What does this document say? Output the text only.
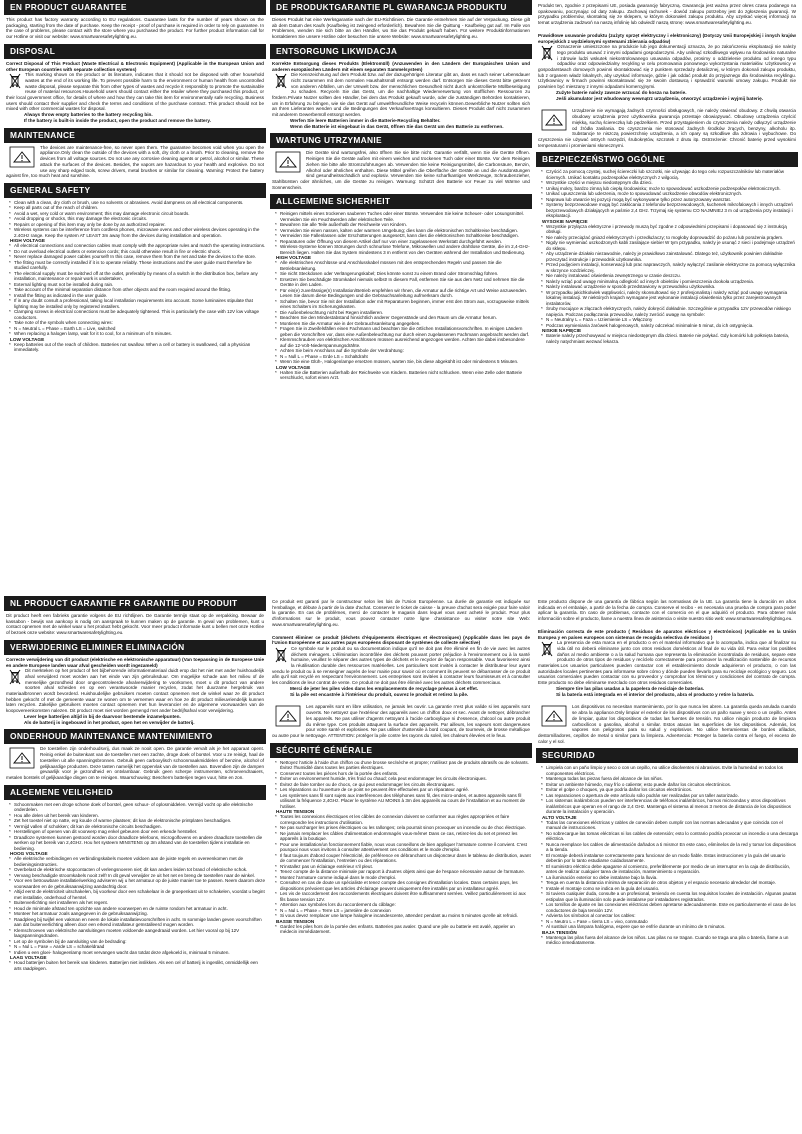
EN PRODUCT GUARANTEE
This product has factory warranty according to EU regulations. Guarantee lasts for the number of years shown on the packaging, starting from the date of purchase. Keep the receipt - proof of purchase is required in order to rely on guarantee. In the case of problems, please contact with the store where you purchased the product. For further product information call for our Hotline or visit our website: www.smartwaresafetylighting.eu.
DISPOSAL
Correct Disposal of This Product (Waste Electrical & Electronic Equipment) (Applicable in the European Union and other European countries with separate collection systems)
This marking shown on the product or its literature, indicates that it should not be disposed with other household wastes at the end of its working life. To prevent possible harm to the environment or human health from uncontrolled waste disposal, please separate this from other types of wastes and recycle it responsibly to promote the sustainable reuse of material resources.Household users should contact either the retailer where they purchased this product, or their local government office, for details of where and how they can take this item for environmentally safe recycling. Business users should contact their supplier and check the terms and conditions of the purchase contract. This product should not be mixed with other commercial wastes for disposal.
Always throw empty batteries to the battery recycling bin.
If the battery is built-in inside the product, open the product and remove the battery.
MAINTENANCE
The devices are maintenance-free, so never open them. The guarantee becomes void when you open the appliance.Only clean the outside of the devices with a soft, dry cloth or a brush. Prior to cleaning, remove the devices from all voltage sources. Do not use any corrosive cleaning agents or petrol, alcohol or similar. These attack the surfaces of the devices. Besides, the vapors are hazardous to your health and explosive. Do not use any sharp edged tools, screw drivers, metal brushes or similar for cleaning. Warning: Protect the battery against fire, too much heat and sunshine.
GENERAL SAFETY
* Clean with a clean, dry cloth or brush, use no solvents or abrasives. Avoid dampness on all electrical components.
* Keep all parts out of the reach of children.
* Avoid a wet, very cold or warm environment; this may damage electronic circuit boards.
* Avoid dropping or shocks, this may damage the electronic circuits.
* Repairs or opening of this item may only be done by an authorized repairer.
* Wireless systems can be interference from cordless phones, microwave ovens and other wireless devices operating in the 2.4GHz range. Keep the system AT LEAST 3m away from the devices during installation and operation.
HIGH VOLTAGE
* All electrical connections and connection cables must comply with the appropriate rules and match the operating instructions.
* Do not overload electrical outlets or extension cords; this could otherwise result in fire or electric shock.
* Never replace damaged power cables yourself! In this case, remove them from the net and take the devices to the store.
* The fitting must be correctly installed if it is to operate reliably. These instructions and the user guide must therefore be studied carefully.
* The electrical supply must be switched off at the outlet, preferably by means of a switch in the distribution box, before any installation, maintenance or repair work is undertaken.
* External lighting must not be installed during rain.
* Take account of the minimal separation distance from other objects and the room required around the fitting.
* Install the fitting as indicated in the user guide.
* If in any doubt consult a professional, taking local installation requirements into account. Some luminaires stipulate that lighting may be installed only by registered installers.
* Clamping screws in electrical connections must be adequately tightened. This is particularly the case with 12V low voltage conductors.
* Take note of the symbols when connecting wires:
* N = Neutral L = Phase = Earth LS = Live, switched
* When replacing a halogen lamp, wait for it to cool, for a minimum of 5 minutes.
LOW VOLTAGE
* Keep batteries out of the reach of children. Batteries not swallow. When a cell or battery is swallowed, call a physician immediately.
DE PRODUKTGARANTIE PL GWARANCJA PRODUKTU
Dieses Produkt hat eine Werksgarantie nach der EU-Richtlinien. Die Garantie entnehmen Sie auf der Verpackung. Diese gilt ab dem Datum des Kaufs (Kaufbeleg ist zwingend erforderlich). Bewahren Sie die Quittung - Kaufbeleg gut auf. Im Falle von Problemen, wenden Sie sich bitte an den Händler, wo Sie das Produkt gekauft haben. Für weitere Produktinformationen kontaktieren Sie unsere Hotline oder besuchen Sie unsere Website: www.smartwaresafetylighting.eu.
ENTSORGUNG LIKWIDACJA
Korrekte Entsorgung dieses Produkts (Elektromüll) (Anzuwenden in den Ländern der Europäischen Union und anderen europäischen Ländern mit einem separaten Sammelsystem)
Die Kennzeichnung auf dem Produkt bzw. auf der dazugehörigen Literatur gibt an, dass es nach seiner Lebensdauer nicht zusammen mit dem normalen Haushaltsmüll entsorgt werden darf. Entsorgen Sie dieses Gerät bitte getrennt von anderen Abfällen, um der Umwelt bzw. der menschlichen Gesundheit nicht durch unkontrollierte Müllbeseitigung zu schaden. Recyceln Sie das Gerät, um die nachhaltige Wiederverwertung von stofflichen Ressourcen zu fördern.Private Nutzer sollten den Händler, bei dem das Produkt gekauft wurde, oder die zuständigen Behörden kontaktieren, um in Erfahrung zu bringen, wie sie das Gerät auf umweltfreundliche Weise recyceln können.Gewerbliche Nutzer sollten sich an Ihren Lieferanten wenden und die Bedingungen des Verkaufsvertrags konsultieren. Dieses Produkt darf nicht zusammen mit anderem Gewerbemüll entsorgt werden.
Werfen Sie leere Batterien immer in die Batterie-Recycling Behälter.
Wenn die Batterie ist eingebaut in das Gerät, öffnen Sie das Gerät um den Batterie zu entfernen.
WARTUNG UTRZYMANIE
Die Geräte sind wartungsfrei, also öffnen Sie sie bitte nicht. Garantie verfällt, wenn Sie die Geräte öffnen. Reinigen Sie die Geräte außen mit einem weichen und trockenen Tuch oder einer Bürste. Vor dem Reinigen ziehen Sie bitte alle Stromzuführungen ab. Verwenden Sie keine Reinigungsmittel, die Carbonsäure, Benzin, Alkohol oder ähnliches enthalten. Diese Mittel greifen die Oberfläche der Geräte an und die Ausdünstungen sind gesundheitsschädlich und explosiv. Verwenden Sie keine scharfkantigen Werkzeuge, Schraubenzieher, Stahlbürsten oder ähnliches, um die Geräte zu reinigen. Warnung: Schützt den Batterie vor Feuer zu viel Wärme und Sonnenschein.
ALLGEMEINE SICHERHEIT
* Reinigen mittels eines trockenen sauberen Tuches oder einer Bürste. Verwenden Sie keine Scheuer- oder Lösungsmittel. Vermeiden Sie ein Feuchtwerden aller elektrischen Teile.
* Bewahren Sie alle Teile außerhalb der Reichweite von Kindern.
* Vermeiden Sie einen nassen, kalten oder warmen Umgebung; dies kann die elektronischen Schaltkreise beschädigen.
* Vermeiden Sie Fallenlassen oder Erschütterungen ausgesetzt, kann dies die elektronischen Schaltkreise beschädigen.
* Reparaturen oder Öffnung von diesem Artikel darf nur von einer zugelassenen Werkstatt durchgeführt werden.
* Wireless-Systeme können Störungen durch schnurlose Telefone, Mikrowellen und andere drahtlose Geräte, die im 2,4-GHz-Bereich liegen. Halten Sie das System mindestens 3 m entfernt von den Geräten während der Installation und Bedienung.
HIGH VOLTAGE
* Alle elektrischen Anschlüsse und Anschlusskabel müssen mit den entsprechenden Regeln und passen Sie die Betriebsanleitung.
* Sie nicht Steckdosen oder Verlängerungskabel; Dies könnte sonst zu einem Brand oder Stromschlag führen.
* Ersetzen Sie beschädigte Stromkabel niemals selbst! In diesem Fall, entfernen Sie sie aus dem Netz und nehmen Sie die Geräte in den Laden.
* Für ein(e) zuverlässige(n) Installation/Betrieb empfehlen wir Ihnen, die Armatur auf die richtige Art und Weise anzuwenden. Lesen Sie darum diese Bedingungen und die Gebrauchsanleitung aufmerksam durch.
* Schalten Sie, bevor Sie mit der Installation oder mit Reparaturen beginnen, immer erst den Strom aus, vorzugsweise mittels eines Schalters im Sicherungskasten.
* Die Außenbeleuchtung nicht bei Regen installieren.
* Beachten Sie den Mindestabstand hinsichtlich anderer Gegenstände und den Raum um die Armatur herum.
* Montieren Sie die Armatur wie in der Gebrauchsanleitung angegeben.
* Fragen Sie in Zweifelsfällen einen Fachmann und beachten Sie die örtlichen Installationsvorschriften. In einigen Ländern geben die Vorschriften vor, dass eine Außenbeleuchtung nur durch einen zugelassenen Fachmann angebracht werden darf.
* Klemmschrauben von elektrischen Anschlüssen müssen ausreichend angezogen werden. Achten Sie dabei insbesondere auf die 12-Volt-Niederspannungsdrähte.
* Achten Sie beim Anschluss auf die Symbole der Verdrahtung:
* N = Null L = Phase = Erde LS = Schaltdraht
* Wenn Sie eine Glüh-, Halogenlampe ersetzen müssen, warten Sie, bis diese abgekühlt ist oder mindestens 5 Minuten.
LOW VOLTAGE
* Halten Sie die Batterien außerhalb der Reichweite von Kindern. Batterien nicht schlucken. Wenn eine Zelle oder Batterie verschluckt, sofort einen Arzt.
Produkt ten, zgodnie z przepisami UE, posiada gwarancję fabryczną. Gwarancja jest ważna przez okres czasu podanego na opakowaniu, poczynając od daty zakupu. Zachowaj rachunek - dowód zakupu potrzebny jest do zgłoszenia gwarancji. W przypadku problemów, skontaktuj się ze sklepem, w którym dokonałeś zakupu produktu. Aby uzyskać więcej informacji na temat urządzenia zadzwoń na naszą infolinię lub odwiedź naszą stronę: www.smartwaresafetylighting.eu.
Prawidłowe usuwanie produktu (zużyty sprzęt elektryczny i elektroniczny) (Dotyczy Unii Europejskiej i innych krajów europejskich z wydzielonymi systemami zbierania odpadów)
Oznaczenie umieszczone na produkcie lub jego dokumentacji oznacza, że po zakończeniu eksploatacji nie należy tego produktu usuwać z innymi odpadami gospodarczymi. Aby uniknąć szkodliwego wpływu na środowisko naturalne i zdrowie ludzi wskutek niekontrolowanego usuwania odpadów, prosimy o oddzielenie produktu od innego typu odpadów oraz odpowiedzialny recykling w celu promowania ponownego wykorzystania materiałów. Użytkownicy w gospodarstwach domowych powinni skontaktować się z punktem sprzedaży detalicznej, w którym dokonali zakupu produktu, lub z organem władz lokalnych, aby uzyskać informacje, gdzie i jak oddać produkt do przyjaznego dla środowiska recyklingu. Użytkownicy w firmach powinni skontaktować się ze swoim dostawcą i sprawdzić warunki umowy zakupu. Produkt nie powinien być mieszany z innymi odpadami komercyjnymi.
Zużyte baterie należy zawsze wrzucać do kosza na baterie.
Jeśli akumulator jest wbudowany wewnątrz urządzenia, otworzyć urządzenie i wyjmij baterię.
Urządzenie nie wymagają żadnych czynności obsługowych, nie należy otwierać obudowy. Z chwilą otwarcia obudowy urządzenia przez użytkownika gwarancja przestaje obowiązywać. Obudowę urządzenia czyścić miękką, suchą ściereczką lub pędzelkiem. Przed przystąpieniem do czyszczenia należy odłączyć urządzenie od źródła zasilania. Do czyszczenia nie stosować żadnych środków żrących, benzyny, alkoholu itp. Substancje te niszczą powierzchnię urządzenia, a ich opary są szkodliwe dla zdrowia i wybuchowe. Do czyszczenia nie używać ostrych narzędzi, śrubokrętów, szczotek z drutu itp. Ostrzeżenie: Chronić baterię przed wysokimi temperaturami i promieniami słonecznymi.
BEZPIECZEŃSTWO OGÓLNE
* Czyścić za pomocą czystej, suchej ściereczki lub szczotki, nie używając do tego celu rozpuszczalników lub materiałów ściernych. Unikać kontaktu podzespołów elektrycznych z wilgocią.
* Wszystkie części w miejscu niedostępnym dla dzieci.
* Unikaj mokry, bardzo zimną lub ciepłą środowisku; może to spowodować uszkodzenie podzespołów elektronicznych.
* Unikać upuszczenia lub uderzenia, może to spowodować uszkodzenie obwodów elektronicznych.
* Naprawa lub otwarcie tej pozycji mogą być wykonywane tylko przez autoryzowany warsztat.
* Systemy bezprzewodowe mogą być zakłócania z telefonów bezprzewodowych, kuchenek mikrofalowych i innych urządzeń bezprzewodowych działających w paśmie 2,4 GHz. Trzymaj się systemu CO NAJMNIEJ 3 m od urządzenia przy instalacji i eksploatacji.
WYSOKIE NAPIĘCIE
* Wszystkie przyłącza elektryczne i przewody muszą być zgodne z odpowiednimi przepisami i dopasować się z instrukcją obsługi.
* Nie należy przeciążać gniazd elektrycznych i przedłużaczy; to mogłoby doprowadzić do pożaru lub porażenia prądem.
* Nigdy nie wymieniać uszkodzonych kabli zasilające siebie! W tym przypadku, należy je usunąć z sieci i podejmuje urządzeń do sklepu.
* Aby urządzenie działało niezawodnie, należy je prawidłowo zainstalować. Dlatego też, użytkownik powinien dokładnie przeczytać instrukcje i przewodnik użytkownika.
* Przed podjęciem instalacji, konserwacji lub prac naprawczych, należy wyłączyć zasilanie elektryczne za pomocą wyłącznika w skrzynce rozdzielczej.
* Nie należy instalować oświetlenia zewnętrznego w czasie deszczu.
* Należy wziąć pod uwagę minimalną odległość od innych obiektów i pomieszczenia dookoła urządzenia.
* Należy instalować urządzenie w sposób przedstawiony w przewodniku użytkownika.
* W przypadku jakichkolwiek wątpliwości, należy skonsultować się z profesjonalistą i należy wziąć pod uwagę wymagania lokalnej instalacji. W niektórych krajach wymagane jest wykonanie instalacji oświetlenia tylko przez zarejestrowanych instalatorów.
* Śruby mocujące w złączach elektrycznych, należy dokręcić dokładnie. Szczególnie w przypadku 12V przewodów niskiego napięcia. Podczas podłączania przewodów, należy zwrócić uwagę na symbole:
* N = Neutralny L = Faza = Uziemienie LS = Włączony
* Podczas wymieniania żarówek halogenowych, należy odczekać minimalnie 5 minut, do ich ostygnięcia.
NISKIE NAPIĘCIE
* Baterie należy przechowywać w miejscu niedostępnym dla dzieci. Baterie nie połykać. Gdy komórki lub połknięta bateria, należy natychmiast wezwać lekarza.
NL PRODUCT GARANTIE FR GARANTIE DU PRODUIT
Dit product heeft een fabrieks garantie volgens de EU richtlijnen. De Garantie termijn staat op de verpakking. Bewaar de kassabon - bewijs van aankoop is nodig om aanspraak te kunnen maken op de garantie. In geval van problemen, kunt u contact opnemen met de winkel waar u het product hebt gekocht. Voor meer product informatie kunt u bellen met onze Hotline of bezoek onze website: www.smartwaresafetylighting.eu.
VERWIJDERING ELIMINER ELIMINACIÓN
Correcte verwijdering van dit product (elektrische en elektronische apparatuur) (Van toepassing in de Europese Unie en andere Europese landen waar afval gescheiden wordt ingezameld)
Dit merkteken op het product of het bijbehorende informatiemateriaal duidt erop dat het niet met ander huishoudelijk afval verwijderd moet worden aan het einde van zijn gebruiksduur. Om mogelijke schade aan het milieu of de menselijke gezondheid door ongecontroleerde afvalverwijdering te voorkomen, moet u dit product van andere soorten afval scheiden en op een verantwoorde manier recyclen, zodat het duurzame hergebruik van materiaalbronnen wordt bevorderd. Huishoudelijke gebruikers moeten contact opnemen met de winkel waar ze dit product hebben gekocht of met de gemeente waar ze wonen om te vernemen waar en hoe ze dit product milieuvriendelijk kunnen laten recyclen. Zakelijke gebruikers moeten contact opnemen met hun leverancier en de algemene voorwaarden van de koopovereenkomsten nalezen. Dit product moet niet worden gemengd met ander bedrijfsafval voor verwijdering.
Lever lege batterijen altijd in bij de daarvoor bestemde inzamelpunten.
Als de batterij is ingebouwd in het product, open het en verwijder de batterij.
ONDERHOUD MAINTENANCE MANTENIMIENTO
De toestellen zijn onderhoudsvrij, dus maak ze nooit open. De garantie vervalt als je het apparaat opent. Reinig enkel de buitenkant van de toestellen met een zachte, droge doek of borstel. Voor u ze reinigt, haal de toestellen uit alle spanningsbronnen. Gebruik geen carboxylisch schoonmaakmiddelen of benzine, alcohol of gelijkaardige producten. Deze tasten namelijk het oppervlak van de toestellen aan. Bovendien zijn de dampen gevaarlijk voor je gezondheid en ontvlambaar. Gebruik geen scherpe instrumenten, schroevendraaiers, metalen borstels of gelijkaardige dingen om te reinigen. Waarschuwing: Bescherm batterijen tegen vuur, hitte en zon.
ALGEMENE VEILIGHEID
* Schoonmaken met een droge schone doek of borstel, geen schuur- of oplosmiddelen. Vermijd vocht op alle elektrische onderdelen.
* Hou alle delen uit het bereik van kinderen.
* Zet het toestel niet op natte, erg koude of warme plaatsen; dit kan de elektronische printplaten beschadigen.
* Vermijd vallen of schokken; dit kan de elektronische circuits beschadigen.
* Herstellingen of openen van dit voorwerp mag enkel gebeuren door een erkende hersteller.
* Draadloze systemen kunnen gestoord worden door draadloze telefoons, microgolfovens en andere draadloze toestellen die werken op het bereik van 2,4GHz. Hou het systeem MINSTENS op 3m afstand van de toestellen tijdens installatie en bediening.
HOOG VOLTAGE
* Alle elektrische verbindingen en verbindingskabels moeten voldoen aan de juiste regels en overeenkomen met de bedieningsinstructies.
* Overbelast de elektrische stopcontacten of verlengsnoeren niet; dit kan anders leiden tot brand of elektrische schok.
* Vervang beschadigde stroomkabels nooit zelf! In dit geval verwijder ze uit het net en breng de toestellen naar de winkel.
* Voor een betrouwbare installatie/werking adviseren wij u het armatuur op de juiste manier toe te passen. Neem daarom deze voorwaarden en de gebruiksaanwijzing aandachtig door.
* Altijd eerst de elektriciteit uitschakelen, bij voorkeur door een schakelaar in de groepenkast uit te schakelen, voordat u begint met installatie, onderhoud of herstel.
* Buitenverlichting niet installeren als het regent.
* Houd de minimale afstand ten opzichte van andere voorwerpen en de ruimte rondom het armatuur in acht.
* Monteer het armatuur zoals aangegeven in de gebruiksaanwijzing.
* Raadpleeg bij twijfel een vakman en neem de lokale installatievoorschriften in acht. In sommige landen geven voorschriften aan dat buitenverlichting alleen door een erkend installateur geïnstalleerd mogen worden.
* Klemschroeven van elektrische aansluitingen moeten voldoende aangedraaid worden. Let hier vooral op bij 12V laagspanningsdraden.
* Let op de symbolen bij de aansluiting van de bedrading:
* N = Nul L = Fase = Aarde LS = schakeldraad
* Indien u een gloei- halogeenlamp moet vervangen wacht dan totdat deze afgekoeld is, minimaal 5 minuten.
LAAG VOLTAGE
* Houd batterijen buiten het bereik van kinderen. Batterijen niet inslikken. Als een cel of batterij is ingeslikt, onmiddellijk een arts raadplegen.
Ce produit est garanti par le constructeur selon les lois de l'Union Européenne. La durée de garantie est indiquée sur l'emballage, et débute à partir de la date d'achat. Conservez le ticket de caisse - la preuve d'achat sera exigée pour faire valoir la garantie. En cas de problèmes, merci de contacter le magasin dans lequel vous avez acheté le produit. Pour plus d'informations sur le produit, vous pouvez contacter notre ligne d'assistance ou visiter notre site Web: www.smartwaresafetylighting.eu.
Comment éliminer ce produit (déchets d'équipements électriques et électroniques) (Applicable dans les pays de l'Union Européenne et aux autres pays européens disposant de systèmes de collecte sélective)
Ce symbole sur le produit ou sa documentation indique qu'il ne doit pas être éliminé en fin de vie avec les autres déchets ménagers. L'élimination incontrôlée des déchets pouvant porter préjudice à l'environnement ou à la santé humaine, veuillez le séparer des autres types de déchets et le recycler de façon responsable. Vous favoriserez ainsi la réutilisation durable des ressources matérielles. Les particuliers sont invités à contacter le distributeur leur ayant vendu le produit ou à se renseigner auprès de leur mairie pour savoir où et comment ils peuvent se débarrasser de ce produit afin qu'il soit recyclé en respectant l'environnement. Les entreprises sont invitées à contacter leurs fournisseurs et à consulter les conditions de leur contrat de vente. Ce produit ne doit pas être éliminé avec les autres déchets commerciaux.
Merci de jeter les piles vides dans les emplacements de recyclage prévus à cet effet.
Si la pile est encastrée à l'intérieur du produit, ouvrez le produit et retirez la pile.
Les appareils sont en libre utilisation, ne jamais les ouvrir. La garantie n'est plus valide si les appareils sont ouverts. Ne nettoyez que l'extérieur des appareils avec un chiffon doux et sec. Avant de nettoyer, débrancher les appareils. Ne pas utiliser d'agents nettoyant à l'acide carboxylique ni d'essence, d'alcool ou autre produit du même type. Ces produits attaquent la surface des appareils. Par ailleurs, les vapeurs sont dangereuses pour votre santé et explosives. Ne pas utiliser d'ustensile à bord coupant, de tournevis, de brosse métallique ou autre pour le nettoyage. ATTENTION: protéger la pile contre les rayons du soleil, les chaleurs élevées et le feux.
SÉCURITÉ GÉNÉRALE
* Nettoyez l'article à l'aide d'un chiffon ou d'une brosse sec/sèche et propre; n'utilisez pas de produits abrasifs ou de solvants. Évitez l'humidité dans toutes les parties électriques.
* Conservez toutes les pièces hors de la portée des enfants.
* Éviter un environnement humide, très froid ou chaud; cela peut endommager les circuits électroniques.
* Évitez de faire tomber ou de chocs, ce qui peut endommager les circuits électroniques.
* Les réparations ou l'ouverture de ce point ne peuvent être effectuées par un réparateur agréé.
* Les systèmes sans fil sont sujets aux interférences des téléphones sans fil, des micro-ondes, et autres appareils sans fil utilisant la fréquence 2,4GHz. Placer le système AU MOINS à 3m des appareils au cours de l'installation et au moment de l'utiliser.
HAUTE TENSION
* Toutes les connexions électriques et les câbles de connexion doivent se conformer aux règles appropriées et faire correspondre les instructions d'utilisation.
* Ne pas surcharger les prises électriques ou les rallonges; cela pourrait sinon provoquer un incendie ou de choc électrique.
* Ne jamais remplacer les câbles d'alimentation endommagés vous-même! Dans ce cas, retirez-les du net et prenez les appareils à la boutique.
* Pour une installation/un fonctionnement fiable, nous vous conseillons de bien appliquer l'armature comme il convient. C'est pourquoi nous vous invitons à consulter attentivement ces conditions et le mode d'emploi.
* Il faut toujours d'abord couper l'électricité, de préférence en débranchant un disjoncteur dans le tableau de distribution, avant de commencer l'installation, l'entretien ou des réparations.
* N'installez pas un éclairage extérieur s'il pleut.
* Tenez compte de la distance minimale par rapport à d'autres objets ainsi que de l'espace nécessaire autour de l'armature.
* Montez l'armature comme indiqué dans le mode d'emploi.
* Consultez en cas de doute un spécialiste et tenez compte des consignes d'installation locales. Dans certains pays, les dispositions prévoient que les articles d'éclairage peuvent uniquement être installés par un installateur agréé.
* Les vis de raccordement des raccordements électriques doivent être suffisamment serrées. Veillez particulièrement ici aux fils basse tension 12V.
* Attention aux symboles lors du raccordement du câblage:
* N = Nul L = Phase = Terre LS = jarretière de connexion
* Si vous devez remplacer une lampe halogène incandescente, attendez pendant au moins 5 minutes qu'elle ait refroidi.
BASSE TENSION
* Gardez les piles hors de la portée des enfants. Batteries pas avaler. Quand une pile ou batterie est avalé, appeler un médecin immédiatement.
Este producto dispone de una garantía de fábrica según las normativas de la UE. La garantía tiene la duración en años indicada en el embalaje, a partir de la fecha de compra. Conserve el recibo - es necesaria una prueba de compra para poder aplicar la garantía. En caso de problemas, contacte con el comercio en el que adquirió el producto. Para obtener más información sobre el producto, llame a nuestra línea de asistencia o visite nuestro sitio web: www.smartwaresafetylighting.eu.
Eliminación correcta de este producto ( Residuos de aparatos eléctricos y electrónicos) (Aplicable en la Unión Europea y en países europeos con sistemas de recogida selectiva de residuos )
La presencia de esta marca en el producto o en el material informativo que lo acompaña, indica que al finalizar su vida útil no deberá eliminarse junto con otros residuos domésticos al final de su vida útil. Para evitar los posibles daños al medio ambiente o a la salud humana que representa la eliminación incontrolada de residuos, separe este producto de otros tipos de residuos y recíclelo correctamente para promover la reutilización sostenible de recursos materiales.Los usuarios particulares pueden contactar con el establecimiento donde adquirieron el producto, o con las autoridades locales pertinentes para informarse sobre cómo y dónde pueden llevarlo para su reciclaje ecológico y seguro. Los usuarios comerciales pueden contactar con su proveedor y comprobar los términos y condiciones del contrato de compra. Este producto no debe eliminarse mezclado con otros residuos comerciales.
Siempre tire las pilas usadas a la papelera de reciclaje de baterías.
Si la batería está integrada en el interior del producto, abra el producto y retire la batería.
Los dispositivos no necesitan mantenimiento, por lo que nunca les abren. La garantía queda anulada cuando se abra la appliance.Only limpiar el exterior de los dispositivos con un paño suave y seco o un cepillo. Antes de limpiar, quitar los dispositivos de todas las fuentes de tensión. No utilice ningún producto de limpieza carboxílicos o gasolina, alcohol o similar. Estos atacan las superficies de los dispositivos. Además, los vapores son peligrosos para su salud y explosivos. No utilice herramientas de bordes afilados, destornilladores, cepillos de metal o similar para la limpieza. Advertencia: Proteger la batería contra el fuego, el exceso de calor y el sol.
SEGURIDAD
* Limpiela con un paño limpio y seco o con un cepillo, no utilice disolventes ni abrasivos. Evite la humedad en todos los componentes eléctricos.
* Mantenga todas las piezas fuera del alcance de los niños.
* Evitar un ambiente húmedo, muy frío o caliente; esto puede dañar los circuitos electrónicos.
* Evitar el golpe o choques, ya que podría dañar los circuitos electrónicos.
* Las reparaciones o apertura de este artículo sólo podrán ser realizadas por un taller autorizado.
* Los sistemas inalámbricos pueden ser interferencias de teléfonos inalámbricos, hornos microondas y otros dispositivos inalámbricos que operan en el rango de 2,4 GHz. Mantenga el sistema al menos 3 metros de distancia de los dispositivos durante la instalación y operación.
ALTO VOLTAJE
* Todas las conexiones eléctricas y cables de conexión deben cumplir con las normas adecuadas y que coincida con el manual de instrucciones.
* No sobrecargue las tomas eléctricas ni los cables de extensión; esto lo contrario podría provocar un incendio o una descarga eléctrica.
* Nunca reemplace los cables de alimentación dañados a ti mismo! En este caso, elimínelos de la red y tomar los dispositivos a la tienda.
* El montaje deberá instalarse correctamente para funcionar de un modo fiable. Estas instrucciones y la guía del usuario deberán por lo tanto estudiarse cuidadosamente.
* El suministro eléctrico debe apagarse al comienzo, preferiblemente por medio de un interruptor en la caja de distribución, antes de realizar cualquier tarea de instalación, mantenimiento o reparación.
* La iluminación exterior no debe instalarse bajo la lluvia.
* Tenga en cuenta la distancia mínima de separación de otros objetos y el espacio necesario alrededor del montaje.
* Instale el montaje como se indica en la guía del usuario.
* Si tuviera cualquier duda, consulte a un profesional, teniendo en cuenta los requisitos locales de instalación. Algunas pautas estipulan que la iluminación solo puede instalarse por instaladores registrados.
* Los tornillos de ajuste en las conexiones eléctricas deben apretarse adecuadamente. Este es particularmente el caso de los conductores de baja tensión 12V.
* Advierta los símbolos al conectar los cables:
* N = Neutro L = Fase = tierra LS = vivo, conmutado
* Al sustituir una lámpara halógena, espere que se enfríe durante un mínimo de 5 minutos.
BAJA TENSIÓN
* Mantenga las pilas fuera del alcance de los niños. Las pilas no se tragan. Cuando se traga una pila o batería, llame a un médico inmediatamente.
